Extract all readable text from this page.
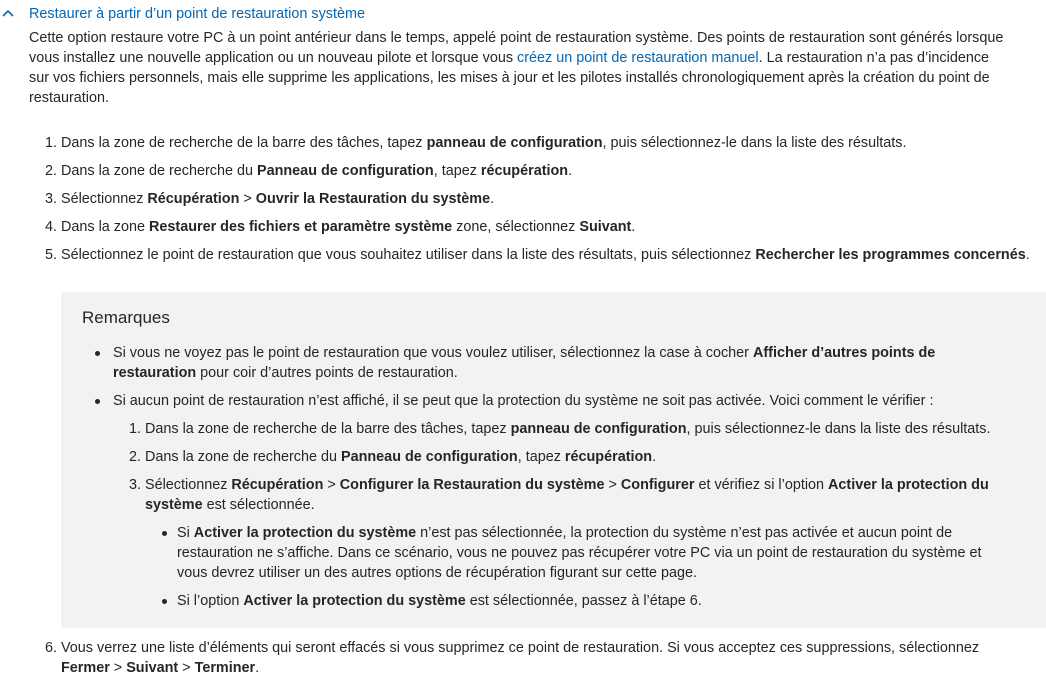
Restaurer à partir d’un point de restauration système
Cette option restaure votre PC à un point antérieur dans le temps, appelé point de restauration système. Des points de restauration sont générés lorsque
vous installez une nouvelle application ou un nouveau pilote et lorsque vous créez un point de restauration manuel. La restauration n’a pas d’incidence
sur vos fichiers personnels, mais elle supprime les applications, les mises à jour et les pilotes installés chronologiquement après la création du point de
restauration.
1. Dans la zone de recherche de la barre des tâches, tapez panneau de configuration, puis sélectionnez-le dans la liste des résultats.
2. Dans la zone de recherche du Panneau de configuration, tapez récupération.
3. Sélectionnez Récupération > Ouvrir la Restauration du système.
4. Dans la zone Restaurer des fichiers et paramètre système zone, sélectionnez Suivant.
5. Sélectionnez le point de restauration que vous souhaitez utiliser dans la liste des résultats, puis sélectionnez Rechercher les programmes concernés.
Remarques
Si vous ne voyez pas le point de restauration que vous voulez utiliser, sélectionnez la case à cocher Afficher d’autres points de
restauration pour coir d’autres points de restauration.
Si aucun point de restauration n’est affiché, il se peut que la protection du système ne soit pas activée. Voici comment le vérifier :
1. Dans la zone de recherche de la barre des tâches, tapez panneau de configuration, puis sélectionnez-le dans la liste des résultats.
2. Dans la zone de recherche du Panneau de configuration, tapez récupération.
3. Sélectionnez Récupération > Configurer la Restauration du système > Configurer et vérifiez si l’option Activer la protection du
système est sélectionnée.
Si Activer la protection du système n’est pas sélectionnée, la protection du système n’est pas activée et aucun point de
restauration ne s’affiche. Dans ce scénario, vous ne pouvez pas récupérer votre PC via un point de restauration du système et
vous devrez utiliser un des autres options de récupération figurant sur cette page.
Si l’option Activer la protection du système est sélectionnée, passez à l’étape 6.
6. Vous verrez une liste d’éléments qui seront effacés si vous supprimez ce point de restauration. Si vous acceptez ces suppressions, sélectionnez
Fermer > Suivant > Terminer.
